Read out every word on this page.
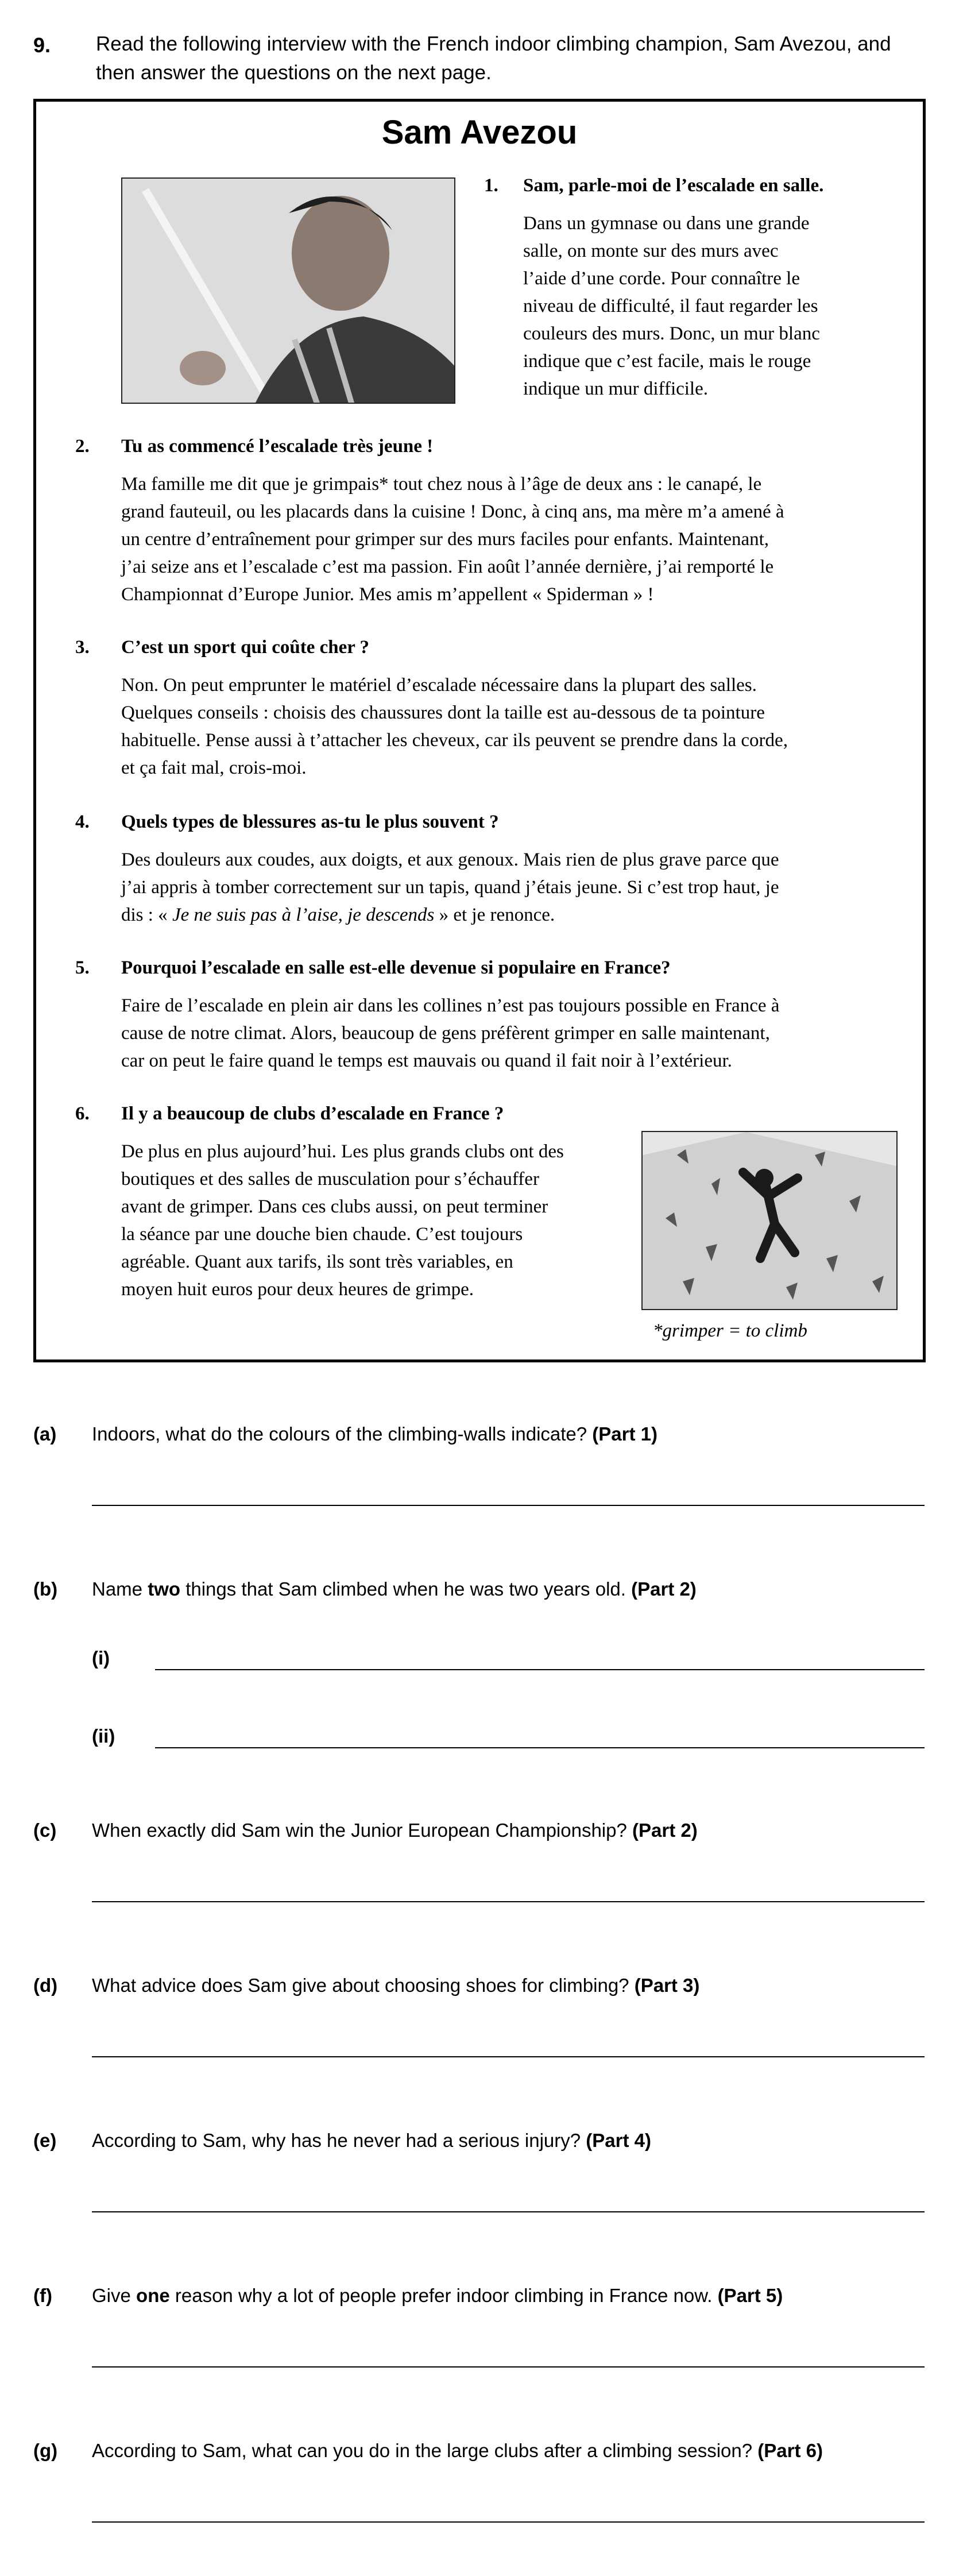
9. Read the following interview with the French indoor climbing champion, Sam Avezou, and then answer the questions on the next page.
Sam Avezou
*grimper = to climb
1. Sam, parle-moi de l’escalade en salle.
Dans un gymnase ou dans une grande
salle, on monte sur des murs avec
l’aide d’une corde. Pour connaître le
niveau de difficulté, il faut regarder les
couleurs des murs. Donc, un mur blanc
indique que c’est facile, mais le rouge
indique un mur difficile.
2. Tu as commencé l’escalade très jeune !
Ma famille me dit que je grimpais* tout chez nous à l’âge de deux ans : le canapé, le
grand fauteuil, ou les placards dans la cuisine ! Donc, à cinq ans, ma mère m’a amené à
un centre d’entraînement pour grimper sur des murs faciles pour enfants. Maintenant,
j’ai seize ans et l’escalade c’est ma passion. Fin août l’année dernière, j’ai remporté le
Championnat d’Europe Junior. Mes amis m’appellent « Spiderman » !
3. C’est un sport qui coûte cher ?
Non. On peut emprunter le matériel d’escalade nécessaire dans la plupart des salles.
Quelques conseils : choisis des chaussures dont la taille est au-dessous de ta pointure
habituelle. Pense aussi à t’attacher les cheveux, car ils peuvent se prendre dans la corde,
et ça fait mal, crois-moi.
4. Quels types de blessures as-tu le plus souvent ?
Des douleurs aux coudes, aux doigts, et aux genoux. Mais rien de plus grave parce que
j’ai appris à tomber correctement sur un tapis, quand j’étais jeune. Si c’est trop haut, je
dis : « Je ne suis pas à l’aise, je descends » et je renonce.
5. Pourquoi l’escalade en salle est-elle devenue si populaire en France?
Faire de l’escalade en plein air dans les collines n’est pas toujours possible en France à
cause de notre climat. Alors, beaucoup de gens préfèrent grimper en salle maintenant,
car on peut le faire quand le temps est mauvais ou quand il fait noir à l’extérieur.
6. Il y a beaucoup de clubs d’escalade en France ?
De plus en plus aujourd’hui. Les plus grands clubs ont des
boutiques et des salles de musculation pour s’échauffer
avant de grimper. Dans ces clubs aussi, on peut terminer
la séance par une douche bien chaude. C’est toujours
agréable. Quant aux tarifs, ils sont très variables, en
moyen huit euros pour deux heures de grimpe.
(a) Indoors, what do the colours of the climbing-walls indicate? (Part 1)
(b) Name two things that Sam climbed when he was two years old. (Part 2)
(i)
(ii)
(c) When exactly did Sam win the Junior European Championship? (Part 2)
(d) What advice does Sam give about choosing shoes for climbing? (Part 3)
(e) According to Sam, why has he never had a serious injury? (Part 4)
(f) Give one reason why a lot of people prefer indoor climbing in France now. (Part 5)
(g) According to Sam, what can you do in the large clubs after a climbing session? (Part 6)
